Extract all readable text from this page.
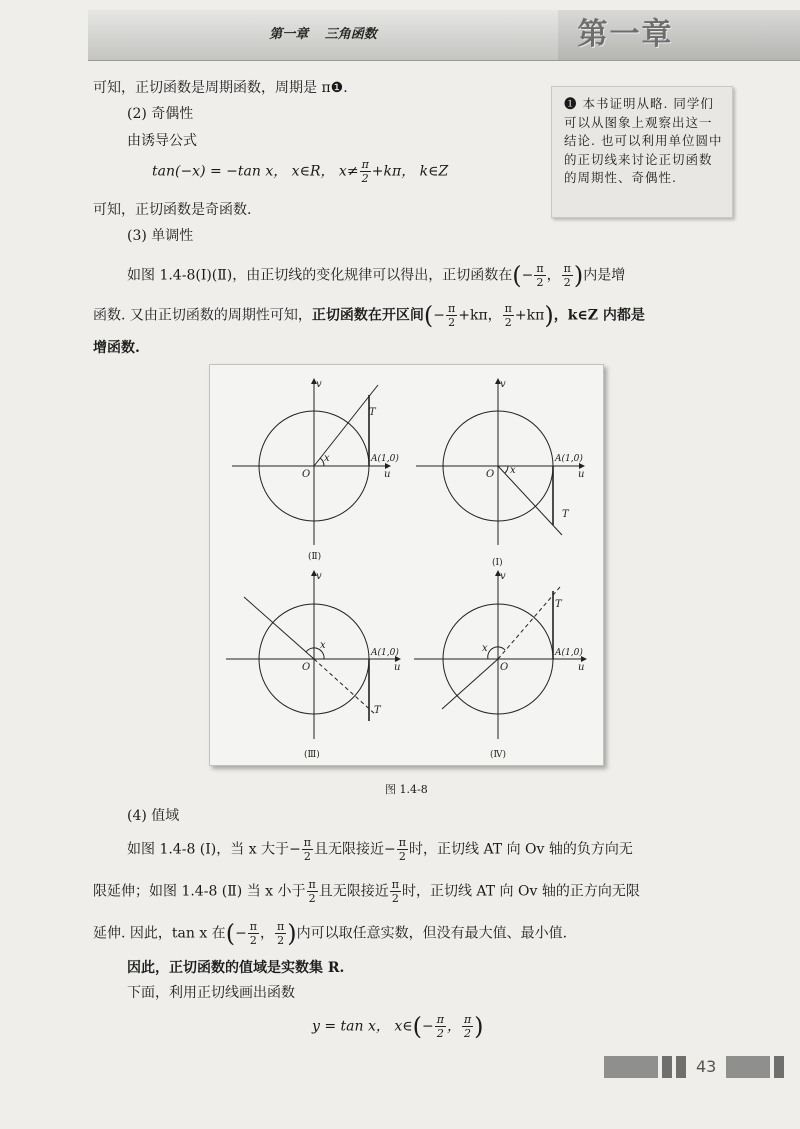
第一章 三角函数	第一章
可知，正切函数是周期函数，周期是 π❶.
(2) 奇偶性
由诱导公式
tan(−x) = −tan x， x∈R， $x\ne \frac{\pi}{2} +k\pi$， k∈Z
可知，正切函数是奇函数.
(3) 单调性
如图 1.4-8(Ⅰ)(Ⅱ)，由正切线的变化规律可以得出，正切函数在(− $\frac{\pi}{2}$ ， $\frac{\pi}{2}$ )内是增
函数. 又由正切函数的周期性可知，正切函数在开区间(− $\frac{\pi}{2} +k\pi$， $\frac{\pi}{2} +k\pi$)，k∈Z 内都是
增函数.
❶ 本书证明从略. 同学们可以从图象上观察出这一结论. 也可以利用单位圆中的正切线来讨论正切函数的周期性、奇偶性.
v
u
O
A(1,0)
T
x
(Ⅱ)
v
u
O
A(1,0)
T
x
(Ⅰ)
v
u
O
A(1,0)
T
x
(Ⅲ)
v
u
O
A(1,0)
T
x
(Ⅳ)
图 1.4-8
(4) 值域
如图 1.4-8 (Ⅰ)，当 x 大于− $\frac{\pi}{2}$ 且无限接近− $\frac{\pi}{2}$ 时，正切线 AT 向 Ov 轴的负方向无
限延伸；如图 1.4-8 (Ⅱ) 当 x 小于 $\frac{\pi}{2}$ 且无限接近 $\frac{\pi}{2}$ 时，正切线 AT 向 Ov 轴的正方向无限
延伸. 因此，tan x 在(− $\frac{\pi}{2}$ ， $\frac{\pi}{2}$ )内可以取任意实数，但没有最大值、最小值.
因此，正切函数的值域是实数集 R.
下面，利用正切线画出函数
y = tan x， x∈(− $\frac{\pi}{2}$ ， $\frac{\pi}{2}$ )
43
